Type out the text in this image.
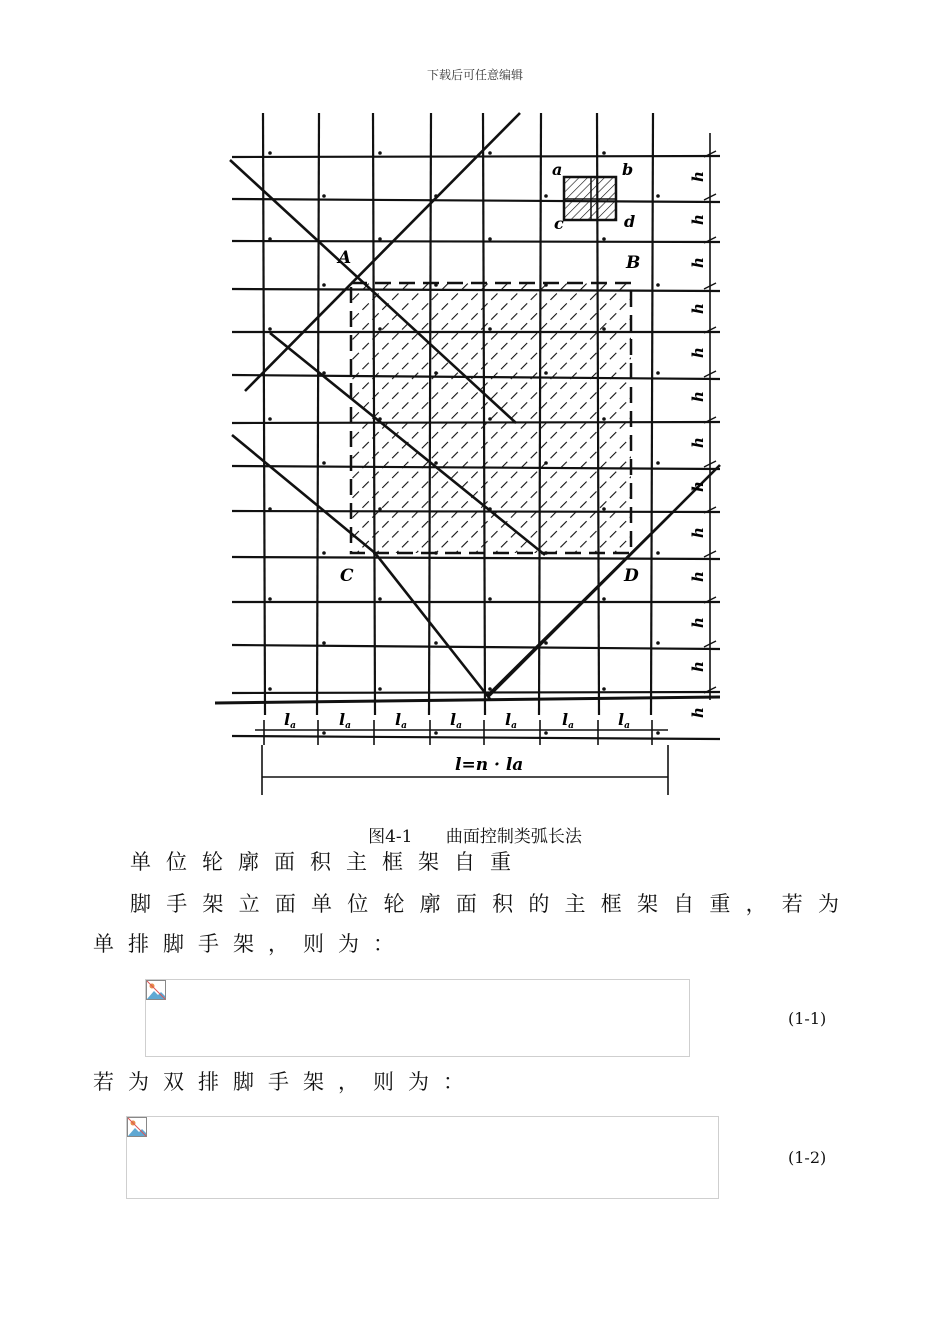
下载后可任意编辑
h
h
h
h
h
h
h
h
h
h
h
h
h
la	la	la	la	la	la	la
l=n · la
A	B
C	D
a	b
c	d
图4-1 曲面控制类弧长法
单位轮廓面积主框架自重
脚手架立面单位轮廓面积的主框架自重，若为单排脚手架，则为：
(1-1)
若为双排脚手架，则为：
(1-2)
